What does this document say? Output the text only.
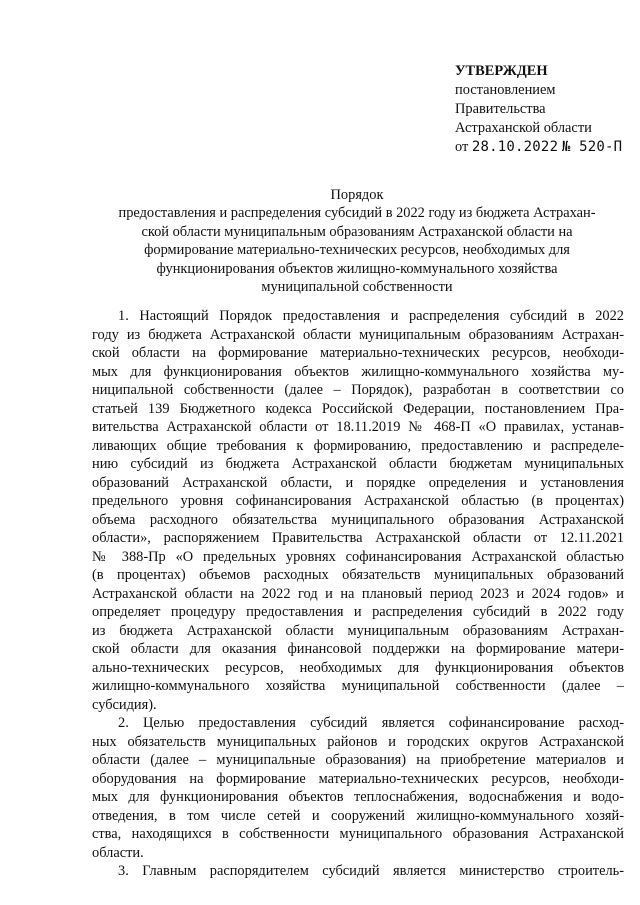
УТВЕРЖДЕН
постановлением
Правительства
Астраханской области
от 28.10.2022 № 520-П
Порядок
предоставления и распределения субсидий в 2022 году из бюджета Астрахан-
ской области муниципальным образованиям Астраханской области на
формирование материально-технических ресурсов, необходимых для
функционирования объектов жилищно-коммунального хозяйства
муниципальной собственности
1. Настоящий Порядок предоставления и распределения субсидий в 2022
году из бюджета Астраханской области муниципальным образованиям Астрахан-
ской области на формирование материально-технических ресурсов, необходи-
мых для функционирования объектов жилищно-коммунального хозяйства му-
ниципальной собственности (далее – Порядок), разработан в соответствии со
статьей 139 Бюджетного кодекса Российской Федерации, постановлением Пра-
вительства Астраханской области от 18.11.2019 № 468-П «О правилах, устанав-
ливающих общие требования к формированию, предоставлению и распределе-
нию субсидий из бюджета Астраханской области бюджетам муниципальных
образований Астраханской области, и порядке определения и установления
предельного уровня софинансирования Астраханской областью (в процентах)
объема расходного обязательства муниципального образования Астраханской
области», распоряжением Правительства Астраханской области от 12.11.2021
№ 388-Пр «О предельных уровнях софинансирования Астраханской областью
(в процентах) объемов расходных обязательств муниципальных образований
Астраханской области на 2022 год и на плановый период 2023 и 2024 годов» и
определяет процедуру предоставления и распределения субсидий в 2022 году
из бюджета Астраханской области муниципальным образованиям Астрахан-
ской области для оказания финансовой поддержки на формирование матери-
ально-технических ресурсов, необходимых для функционирования объектов
жилищно-коммунального хозяйства муниципальной собственности (далее –
субсидия).
2. Целью предоставления субсидий является софинансирование расход-
ных обязательств муниципальных районов и городских округов Астраханской
области (далее – муниципальные образования) на приобретение материалов и
оборудования на формирование материально-технических ресурсов, необходи-
мых для функционирования объектов теплоснабжения, водоснабжения и водо-
отведения, в том числе сетей и сооружений жилищно-коммунального хозяй-
ства, находящихся в собственности муниципального образования Астраханской
области.
3. Главным распорядителем субсидий является министерство строитель-
